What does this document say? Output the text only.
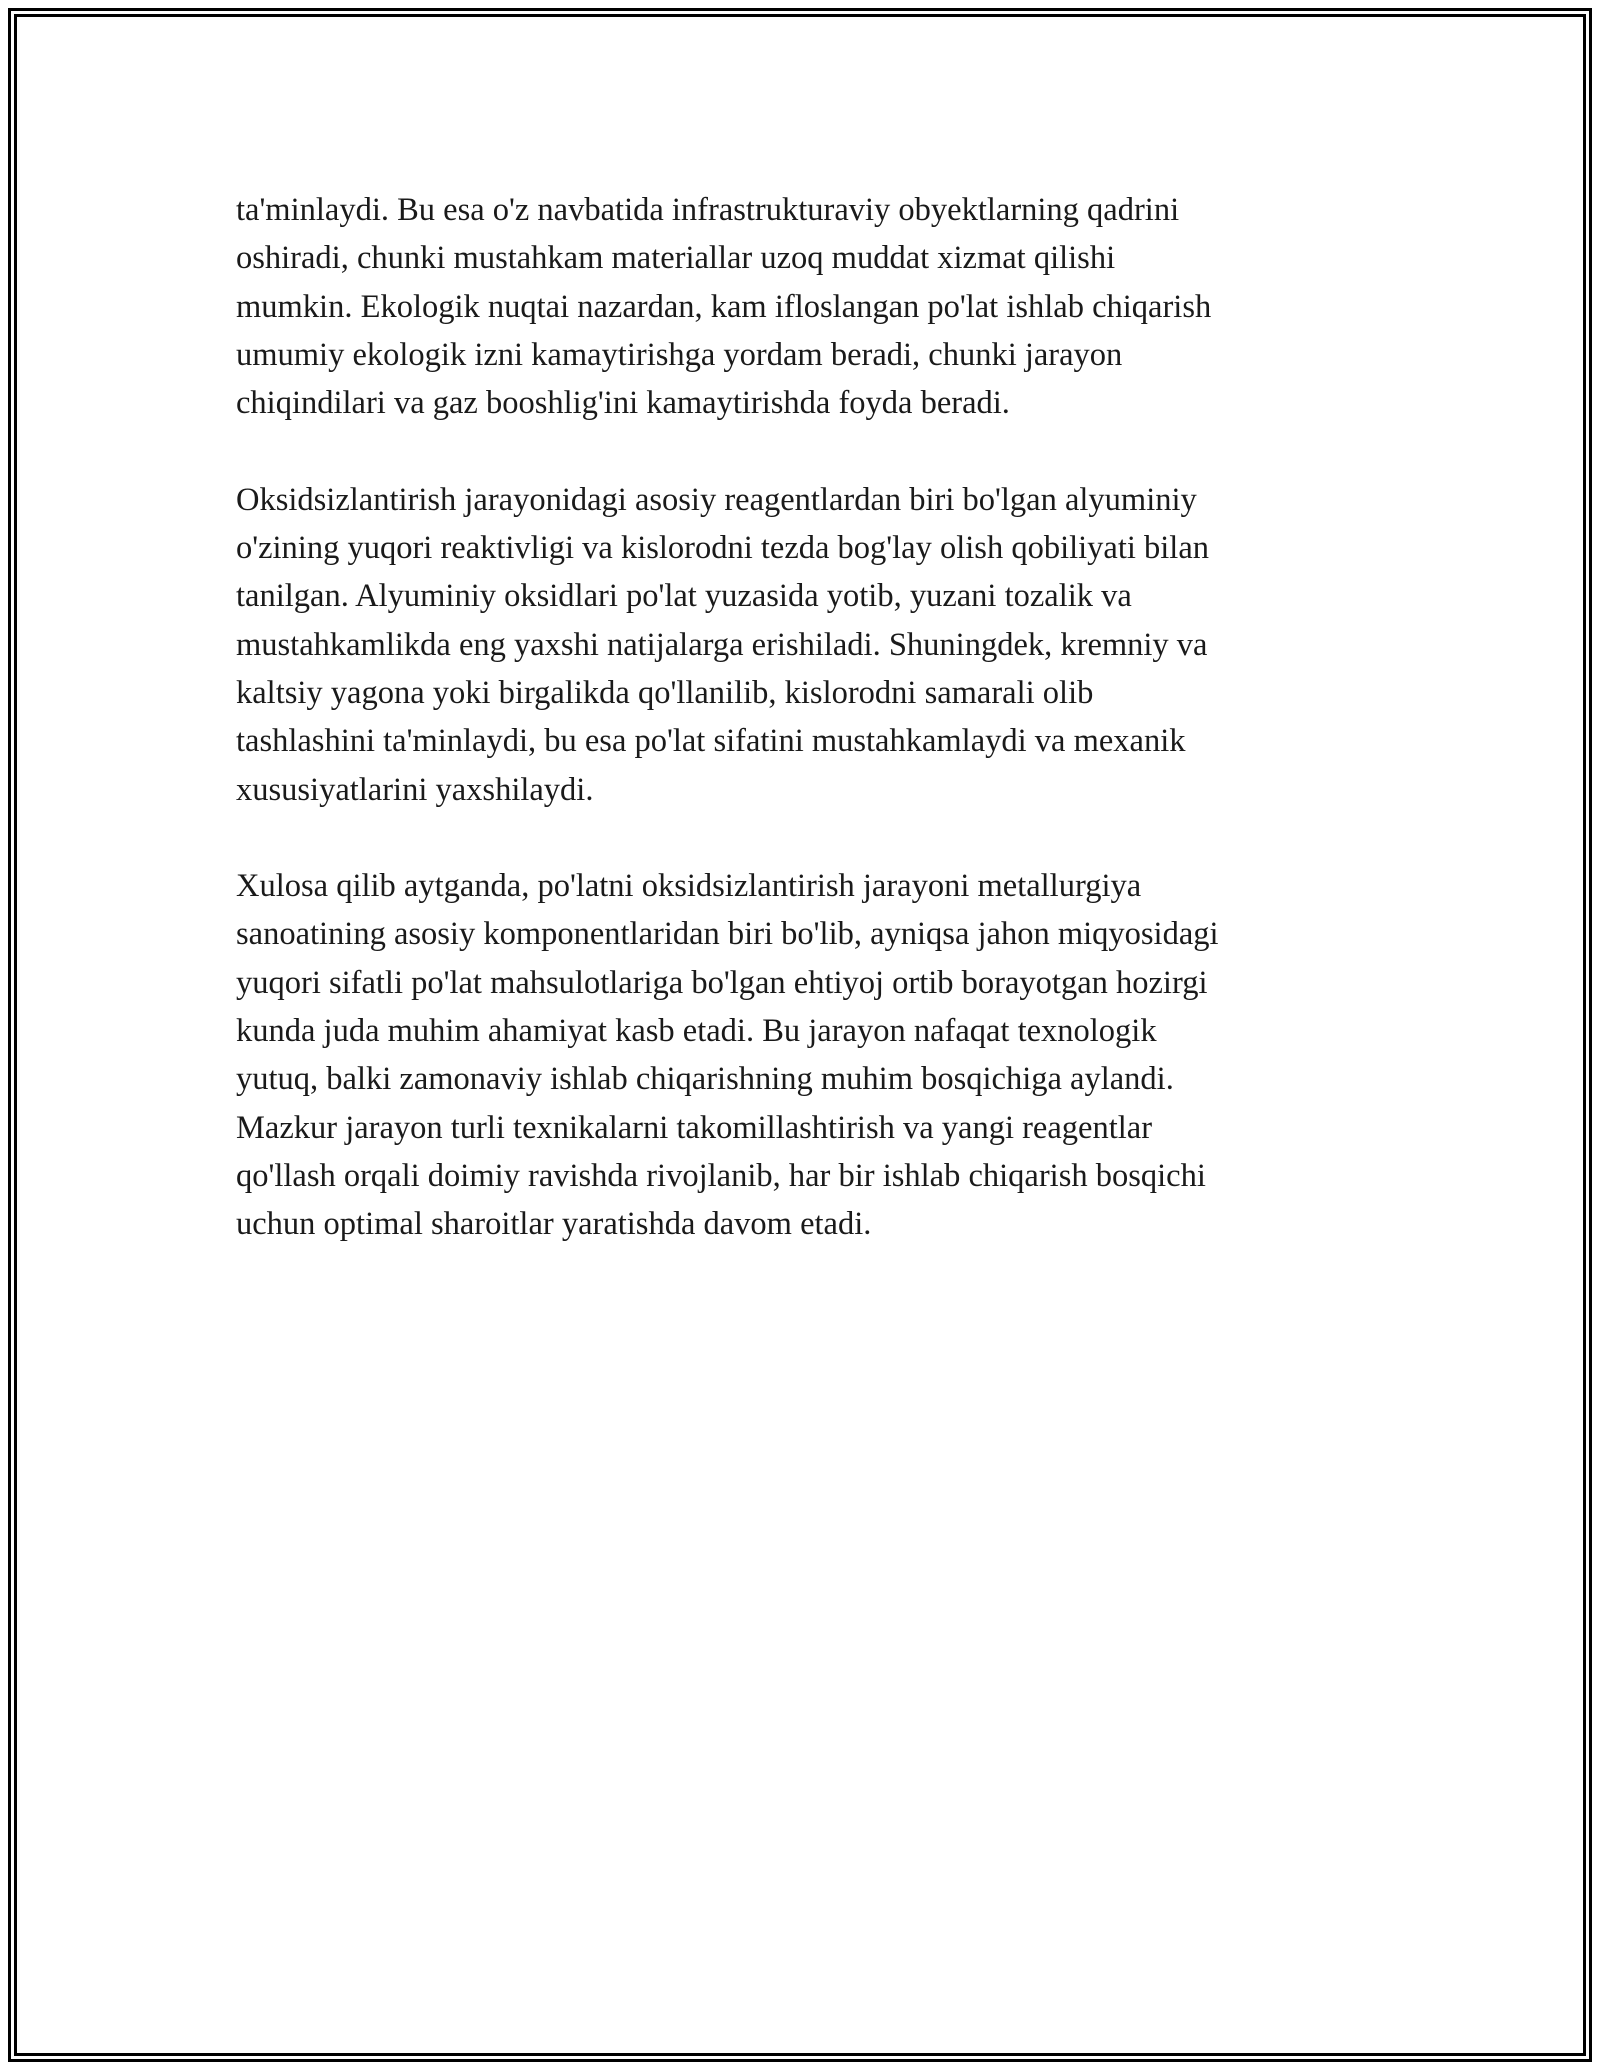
ta'minlaydi. Bu esa o'z navbatida infrastrukturaviy obyektlarning qadrini
oshiradi, chunki mustahkam materiallar uzoq muddat xizmat qilishi
mumkin. Ekologik nuqtai nazardan, kam ifloslangan po'lat ishlab chiqarish
umumiy ekologik izni kamaytirishga yordam beradi, chunki jarayon
chiqindilari va gaz booshlig'ini kamaytirishda foyda beradi.

Oksidsizlantirish jarayonidagi asosiy reagentlardan biri bo'lgan alyuminiy
o'zining yuqori reaktivligi va kislorodni tezda bog'lay olish qobiliyati bilan
tanilgan. Alyuminiy oksidlari po'lat yuzasida yotib, yuzani tozalik va
mustahkamlikda eng yaxshi natijalarga erishiladi. Shuningdek, kremniy va
kaltsiy yagona yoki birgalikda qo'llanilib, kislorodni samarali olib
tashlashini ta'minlaydi, bu esa po'lat sifatini mustahkamlaydi va mexanik
xususiyatlarini yaxshilaydi.

Xulosa qilib aytganda, po'latni oksidsizlantirish jarayoni metallurgiya
sanoatining asosiy komponentlaridan biri bo'lib, ayniqsa jahon miqyosidagi
yuqori sifatli po'lat mahsulotlariga bo'lgan ehtiyoj ortib borayotgan hozirgi
kunda juda muhim ahamiyat kasb etadi. Bu jarayon nafaqat texnologik
yutuq, balki zamonaviy ishlab chiqarishning muhim bosqichiga aylandi.
Mazkur jarayon turli texnikalarni takomillashtirish va yangi reagentlar
qo'llash orqali doimiy ravishda rivojlanib, har bir ishlab chiqarish bosqichi
uchun optimal sharoitlar yaratishda davom etadi.
